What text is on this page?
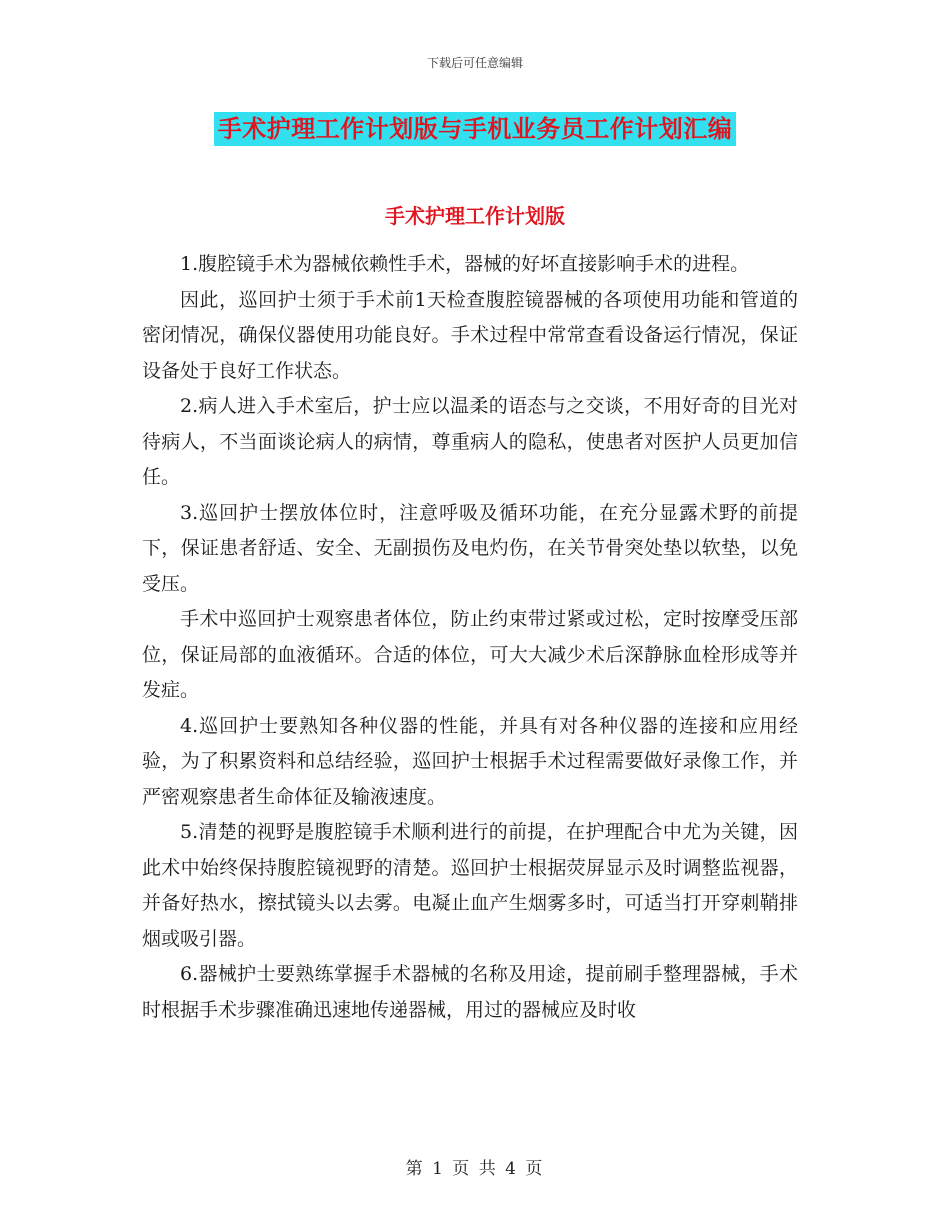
下载后可任意编辑
手术护理工作计划版与手机业务员工作计划汇编
手术护理工作计划版

1.腹腔镜手术为器械依赖性手术，器械的好坏直接影响手术的进程。

因此，巡回护士须于手术前1天检查腹腔镜器械的各项使用功能和管道的密闭情况，确保仪器使用功能良好。手术过程中常常查看设备运行情况，保证设备处于良好工作状态。

2.病人进入手术室后，护士应以温柔的语态与之交谈，不用好奇的目光对待病人，不当面谈论病人的病情，尊重病人的隐私，使患者对医护人员更加信任。

3.巡回护士摆放体位时，注意呼吸及循环功能，在充分显露术野的前提下，保证患者舒适、安全、无副损伤及电灼伤，在关节骨突处垫以软垫，以免受压。

手术中巡回护士观察患者体位，防止约束带过紧或过松，定时按摩受压部位，保证局部的血液循环。合适的体位，可大大减少术后深静脉血栓形成等并发症。

4.巡回护士要熟知各种仪器的性能，并具有对各种仪器的连接和应用经验，为了积累资料和总结经验，巡回护士根据手术过程需要做好录像工作，并严密观察患者生命体征及输液速度。

5.清楚的视野是腹腔镜手术顺利进行的前提，在护理配合中尤为关键，因此术中始终保持腹腔镜视野的清楚。巡回护士根据荧屏显示及时调整监视器，并备好热水，擦拭镜头以去雾。电凝止血产生烟雾多时，可适当打开穿刺鞘排烟或吸引器。

6.器械护士要熟练掌握手术器械的名称及用途，提前刷手整理器械，手术时根据手术步骤准确迅速地传递器械，用过的器械应及时收

第 1 页 共 4 页
